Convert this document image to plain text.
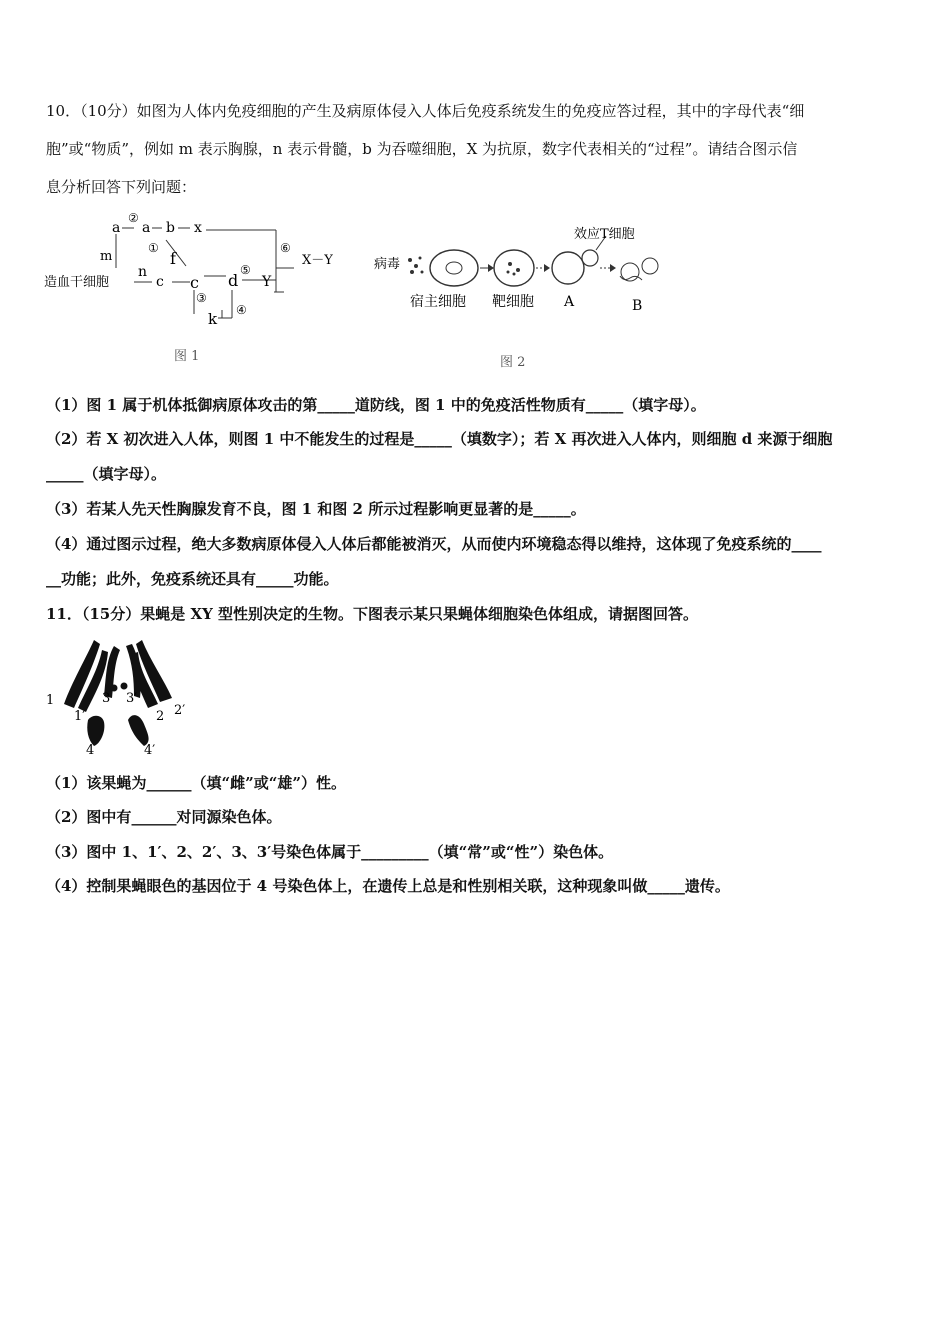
10．（10分）如图为人体内免疫细胞的产生及病原体侵入人体后免疫系统发生的免疫应答过程，其中的字母代表“细
胞”或“物质”，例如 m 表示胸腺，n 表示骨髓，b 为吞噬细胞，X 为抗原，数字代表相关的“过程”。请结合图示信
息分析回答下列问题：
a a b x
②
①
m	f
造血干细胞
n
c c d
⑤
Y
⑥
X－Y
③
k ④
图 1
病毒
效应T细胞
宿主细胞 靶细胞 A	B
图 2
（1）图 1 属于机体抵御病原体攻击的第_____道防线，图 1 中的免疫活性物质有_____（填字母）。
（2）若 X 初次进入人体，则图 1 中不能发生的过程是_____（填数字）；若 X 再次进入人体内，则细胞 d 来源于细胞
_____（填字母）。
（3）若某人先天性胸腺发育不良，图 1 和图 2 所示过程影响更显著的是_____。
（4）通过图示过程，绝大多数病原体侵入人体后都能被消灭，从而使内环境稳态得以维持，这体现了免疫系统的____
__功能；此外，免疫系统还具有_____功能。
11．（15分）果蝇是 XY 型性别决定的生物。下图表示某只果蝇体细胞染色体组成，请据图回答。
1
1′
3 3′
2 2′
4	4′
（1）该果蝇为______（填“雌”或“雄”）性。
（2）图中有______对同源染色体。
（3）图中 1、1′、2、2′、3、3′号染色体属于_________（填“常”或“性”）染色体。
（4）控制果蝇眼色的基因位于 4 号染色体上，在遗传上总是和性别相关联，这种现象叫做_____遗传。
